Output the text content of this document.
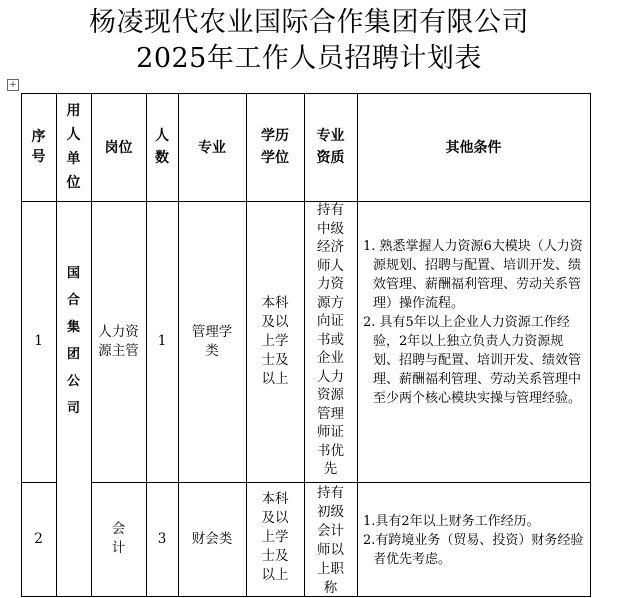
杨凌现代农业国际合作集团有限公司
2025年工作人员招聘计划表
+
序号
用人单位
岗位
人数
专业
学历学位
专业资质
其他条件
国合集团公司
1
人力资源主管
1
管理学类
本科及以上学士及以上
持有中级经济师人力资源方向证书或企业人力资源管理师证书优先

1. 熟悉掌握人力资源6大模块（人力资源规划、招聘与配置、培训开发、绩效管理、薪酬福利管理、劳动关系管理）操作流程。

2. 具有5年以上企业人力资源工作经验，2年以上独立负责人力资源规划、招聘与配置、培训开发、绩效管理、薪酬福利管理、劳动关系管理中至少两个核心模块实操与管理经验。

2
会计
3	财会类
本科及以上学士及以上
持有初级会计师以上职称

1.具有2年以上财务工作经历。

2.有跨境业务（贸易、投资）财务经验者优先考虑。
